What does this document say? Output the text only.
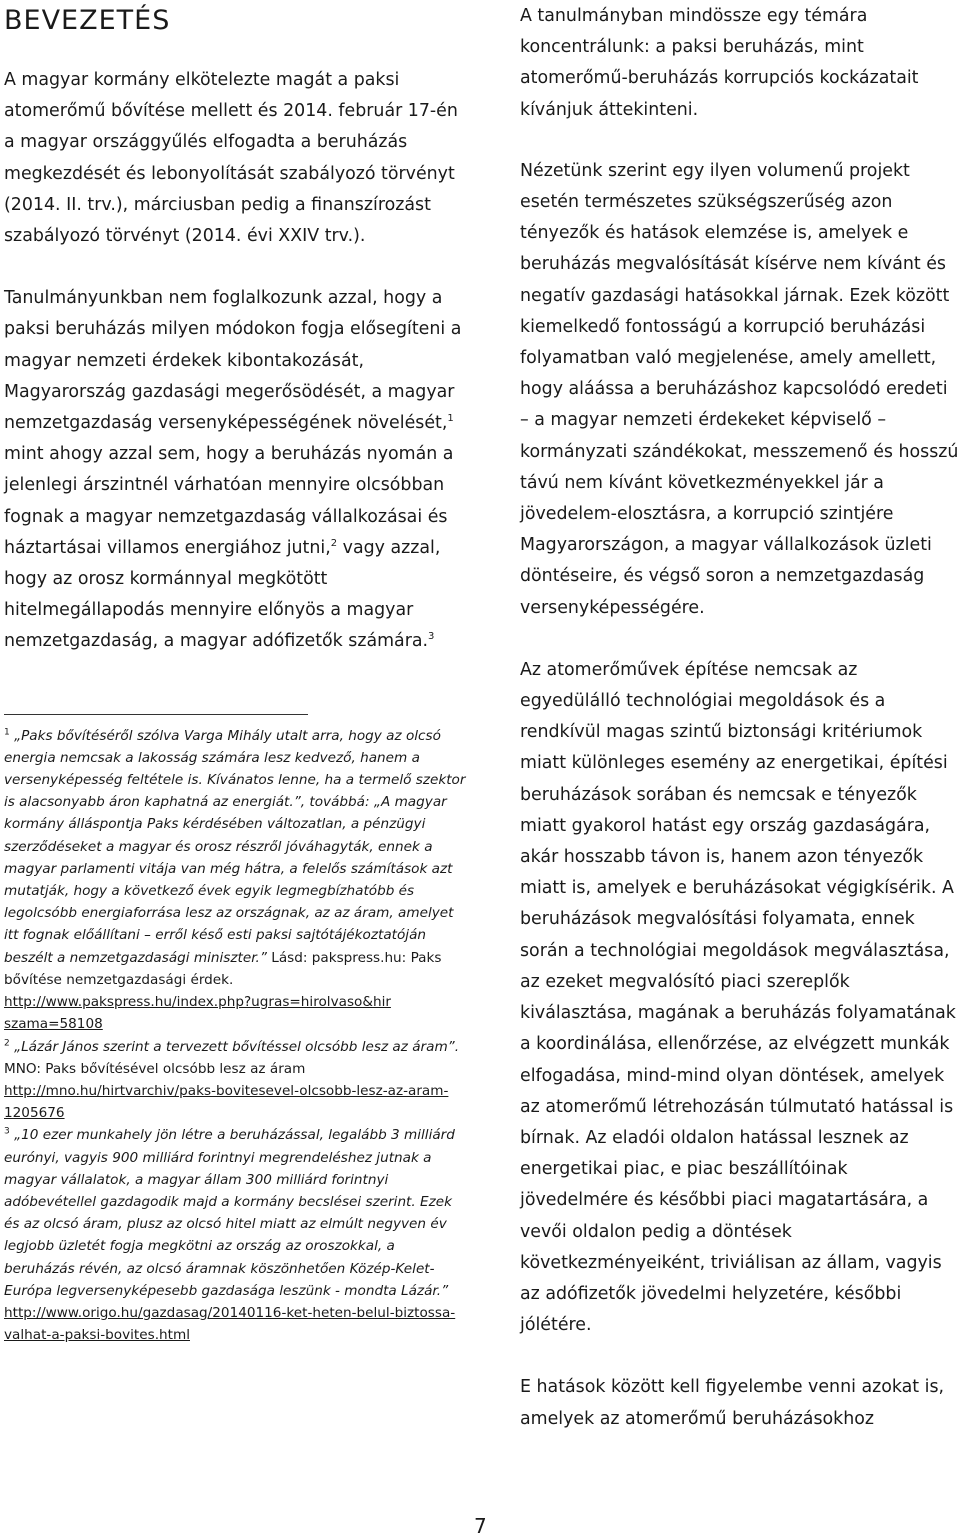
BEVEZETÉS

A magyar kormány elkötelezte magát a paksi atomerőmű bővítése mellett és 2014. február 17-én a magyar országgyűlés elfogadta a beruházás megkezdését és lebonyolítását szabályozó törvényt (2014. II. trv.), márciusban pedig a finanszírozást szabályozó törvényt (2014. évi XXIV trv.).

Tanulmányunkban nem foglalkozunk azzal, hogy a paksi beruházás milyen módokon fogja elősegíteni a magyar nemzeti érdekek kibontakozását, Magyarország gazdasági megerősödését, a magyar nemzetgazdaság versenyképességének növelését,$^1$ mint ahogy azzal sem, hogy a beruházás nyomán a jelenlegi árszintnél várhatóan mennyire olcsóbban fognak a magyar nemzetgazdaság vállalkozásai és háztartásai villamos energiához jutni,$^2$ vagy azzal, hogy az orosz kormánnyal megkötött hitelmegállapodás mennyire előnyös a magyar nemzetgazdaság, a magyar adófizetők számára.$^3$

$^1$ „Paks bővítéséről szólva Varga Mihály utalt arra, hogy az olcsó energia nemcsak a lakosság számára lesz kedvező, hanem a versenyképesség feltétele is. Kívánatos lenne, ha a termelő szektor is alacsonyabb áron kaphatná az energiát.”, továbbá: „A magyar kormány álláspontja Paks kérdésében változatlan, a pénzügyi szerződéseket a magyar és orosz részről jóváhagyták, ennek a magyar parlamenti vitája van még hátra, a felelős számítások azt mutatják, hogy a következő évek egyik legmegbízhatóbb és legolcsóbb energiaforrása lesz az országnak, az az áram, amelyet itt fognak előállítani – erről késő esti paksi sajtótájékoztatóján beszélt a nemzetgazdasági miniszter.” Lásd: pakspress.hu: Paks bővítése nemzetgazdasági érdek. http://www.pakspress.hu/index.php?ugras=hirolvaso&hir szama=58108

$^2$ „Lázár János szerint a tervezett bővítéssel olcsóbb lesz az áram”. MNO: Paks bővítésével olcsóbb lesz az áram http://mno.hu/hirtvarchiv/paks-bovitesevel-olcsobb-lesz-az-aram-1205676

$^3$ „10 ezer munkahely jön létre a beruházással, legalább 3 milliárd eurónyi, vagyis 900 milliárd forintnyi megrendeléshez jutnak a magyar vállalatok, a magyar állam 300 milliárd forintnyi adóbevétellel gazdagodik majd a kormány becslései szerint. Ezek és az olcsó áram, plusz az olcsó hitel miatt az elmúlt negyven év legjobb üzletét fogja megkötni az ország az oroszokkal, a beruházás révén, az olcsó áramnak köszönhetően Közép-Kelet-Európa legversenyképesebb gazdasága leszünk - mondta Lázár.” http://www.origo.hu/gazdasag/20140116-ket-heten-belul-biztossa-valhat-a-paksi-bovites.html

A tanulmányban mindössze egy témára koncentrálunk: a paksi beruházás, mint atomerőmű-beruházás korrupciós kockázatait kívánjuk áttekinteni.

Nézetünk szerint egy ilyen volumenű projekt esetén természetes szükségszerűség azon tényezők és hatások elemzése is, amelyek e beruházás megvalósítását kísérve nem kívánt és negatív gazdasági hatásokkal járnak. Ezek között kiemelkedő fontosságú a korrupció beruházási folyamatban való megjelenése, amely amellett, hogy aláássa a beruházáshoz kapcsolódó eredeti – a magyar nemzeti érdekeket képviselő – kormányzati szándékokat, messzemenő és hosszú távú nem kívánt következményekkel jár a jövedelem-elosztásra, a korrupció szintjére Magyarországon, a magyar vállalkozások üzleti döntéseire, és végső soron a nemzetgazdaság versenyképességére.

Az atomerőművek építése nemcsak az egyedülálló technológiai megoldások és a rendkívül magas szintű biztonsági kritériumok miatt különleges esemény az energetikai, építési beruházások sorában és nemcsak e tényezők miatt gyakorol hatást egy ország gazdaságára, akár hosszabb távon is, hanem azon tényezők miatt is, amelyek e beruházásokat végigkísérik. A beruházások megvalósítási folyamata, ennek során a technológiai megoldások megválasztása, az ezeket megvalósító piaci szereplők kiválasztása, magának a beruházás folyamatának a koordinálása, ellenőrzése, az elvégzett munkák elfogadása, mind-mind olyan döntések, amelyek az atomerőmű létrehozásán túlmutató hatással is bírnak. Az eladói oldalon hatással lesznek az energetikai piac, e piac beszállítóinak jövedelmére és későbbi piaci magatartására, a vevői oldalon pedig a döntések következményeiként, triviálisan az állam, vagyis az adófizetők jövedelmi helyzetére, későbbi jólétére.

E hatások között kell figyelembe venni azokat is, amelyek az atomerőmű beruházásokhoz

7
